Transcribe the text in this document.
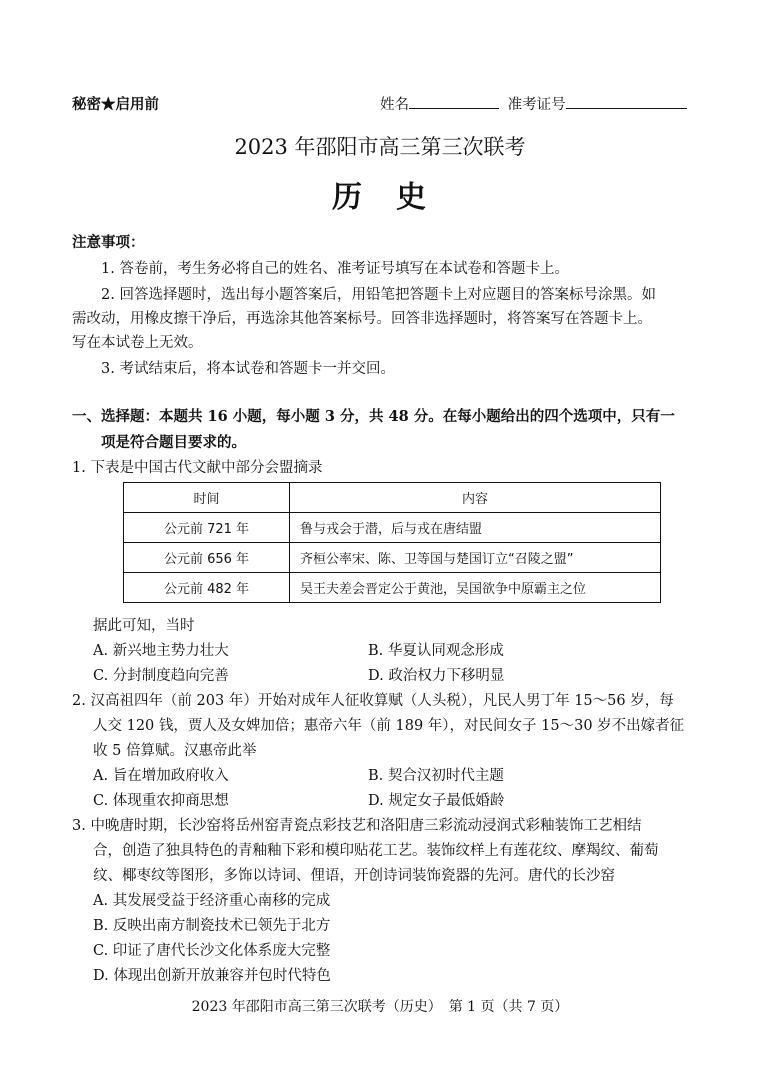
秘密★启用前	姓名	准考证号
2023 年邵阳市高三第三次联考
历　史
注意事项：
1. 答卷前，考生务必将自己的姓名、准考证号填写在本试卷和答题卡上。
2. 回答选择题时，选出每小题答案后，用铅笔把答题卡上对应题目的答案标号涂黑。如
需改动，用橡皮擦干净后，再选涂其他答案标号。回答非选择题时，将答案写在答题卡上。
写在本试卷上无效。
3. 考试结束后，将本试卷和答题卡一并交回。
一、选择题：本题共 16 小题，每小题 3 分，共 48 分。在每小题给出的四个选项中，只有一
项是符合题目要求的。
1. 下表是中国古代文献中部分会盟摘录
时间	内容
公元前 721 年	鲁与戎会于潜，后与戎在唐结盟
公元前 656 年	齐桓公率宋、陈、卫等国与楚国订立“召陵之盟”
公元前 482 年	吴王夫差会晋定公于黄池，吴国欲争中原霸主之位
据此可知，当时
A. 新兴地主势力壮大	B. 华夏认同观念形成
C. 分封制度趋向完善	D. 政治权力下移明显
2. 汉高祖四年（前 203 年）开始对成年人征收算赋（人头税），凡民人男丁年 15～56 岁，每
人交 120 钱，贾人及女婢加倍；惠帝六年（前 189 年），对民间女子 15～30 岁不出嫁者征
收 5 倍算赋。汉惠帝此举
A. 旨在增加政府收入	B. 契合汉初时代主题
C. 体现重农抑商思想	D. 规定女子最低婚龄
3. 中晚唐时期，长沙窑将岳州窑青瓷点彩技艺和洛阳唐三彩流动浸润式彩釉装饰工艺相结
合，创造了独具特色的青釉釉下彩和模印贴花工艺。装饰纹样上有莲花纹、摩羯纹、葡萄
纹、椰枣纹等图形，多饰以诗词、俚语，开创诗词装饰瓷器的先河。唐代的长沙窑
A. 其发展受益于经济重心南移的完成
B. 反映出南方制瓷技术已领先于北方
C. 印证了唐代长沙文化体系庞大完整
D. 体现出创新开放兼容并包时代特色
2023 年邵阳市高三第三次联考（历史）　第 1 页（共 7 页）
